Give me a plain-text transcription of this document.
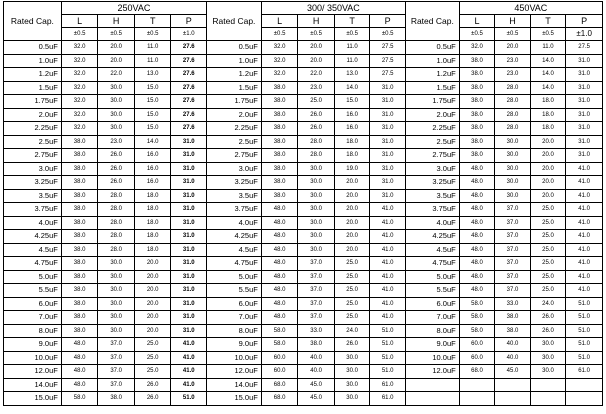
Rated Cap.	250VAC				Rated Cap.	300/ 350VAC				Rated Cap.	450VAC			
	L	H	T	P		L	H	T	P		L	H	T	P
	±0.5	±0.5	±0.5	±1.0		±0.5	±0.5	±0.5	±0.5		±0.5	±0.5	±0.5	±1.0
0.5uF	32.0	20.0	11.0	27.6	0.5uF	32.0	20.0	11.0	27.5	0.5uF	32.0	20.0	11.0	27.5
1.0uF	32.0	20.0	11.0	27.6	1.0uF	32.0	20.0	11.0	27.5	1.0uF	38.0	23.0	14.0	31.0
1.2uF	32.0	22.0	13.0	27.6	1.2uF	32.0	22.0	13.0	27.5	1.2uF	38.0	23.0	14.0	31.0
1.5uF	32.0	30.0	15.0	27.6	1.5uF	38.0	23.0	14.0	31.0	1.5uF	38.0	28.0	14.0	31.0
1.75uF	32.0	30.0	15.0	27.6	1.75uF	38.0	25.0	15.0	31.0	1.75uF	38.0	28.0	18.0	31.0
2.0uF	32.0	30.0	15.0	27.6	2.0uF	38.0	26.0	16.0	31.0	2.0uF	38.0	28.0	18.0	31.0
2.25uF	32.0	30.0	15.0	27.6	2.25uF	38.0	26.0	16.0	31.0	2.25uF	38.0	28.0	18.0	31.0
2.5uF	38.0	23.0	14.0	31.0	2.5uF	38.0	28.0	18.0	31.0	2.5uF	38.0	30.0	20.0	31.0
2.75uF	38.0	26.0	16.0	31.0	2.75uF	38.0	28.0	18.0	31.0	2.75uF	38.0	30.0	20.0	31.0
3.0uF	38.0	26.0	16.0	31.0	3.0uF	38.0	30.0	19.0	31.0	3.0uF	48.0	30.0	20.0	41.0
3.25uF	38.0	26.0	16.0	31.0	3.25uF	38.0	30.0	20.0	31.0	3.25uF	48.0	30.0	20.0	41.0
3.5uF	38.0	28.0	18.0	31.0	3.5uF	38.0	30.0	20.0	31.0	3.5uF	48.0	30.0	20.0	41.0
3.75uF	38.0	28.0	18.0	31.0	3.75uF	48.0	30.0	20.0	41.0	3.75uF	48.0	37.0	25.0	41.0
4.0uF	38.0	28.0	18.0	31.0	4.0uF	48.0	30.0	20.0	41.0	4.0uF	48.0	37.0	25.0	41.0
4.25uF	38.0	28.0	18.0	31.0	4.25uF	48.0	30.0	20.0	41.0	4.25uF	48.0	37.0	25.0	41.0
4.5uF	38.0	28.0	18.0	31.0	4.5uF	48.0	30.0	20.0	41.0	4.5uF	48.0	37.0	25.0	41.0
4.75uF	38.0	30.0	20.0	31.0	4.75uF	48.0	37.0	25.0	41.0	4.75uF	48.0	37.0	25.0	41.0
5.0uF	38.0	30.0	20.0	31.0	5.0uF	48.0	37.0	25.0	41.0	5.0uF	48.0	37.0	25.0	41.0
5.5uF	38.0	30.0	20.0	31.0	5.5uF	48.0	37.0	25.0	41.0	5.5uF	48.0	37.0	25.0	41.0
6.0uF	38.0	30.0	20.0	31.0	6.0uF	48.0	37.0	25.0	41.0	6.0uF	58.0	33.0	24.0	51.0
7.0uF	38.0	30.0	20.0	31.0	7.0uF	48.0	37.0	25.0	41.0	7.0uF	58.0	38.0	26.0	51.0
8.0uF	38.0	30.0	20.0	31.0	8.0uF	58.0	33.0	24.0	51.0	8.0uF	58.0	38.0	26.0	51.0
9.0uF	48.0	37.0	25.0	41.0	9.0uF	58.0	38.0	26.0	51.0	9.0uF	60.0	40.0	30.0	51.0
10.0uF	48.0	37.0	25.0	41.0	10.0uF	60.0	40.0	30.0	51.0	10.0uF	60.0	40.0	30.0	51.0
12.0uF	48.0	37.0	25.0	41.0	12.0uF	60.0	40.0	30.0	51.0	12.0uF	68.0	45.0	30.0	61.0
14.0uF	48.0	37.0	26.0	41.0	14.0uF	68.0	45.0	30.0	61.0					
15.0uF	58.0	38.0	26.0	51.0	15.0uF	68.0	45.0	30.0	61.0					
